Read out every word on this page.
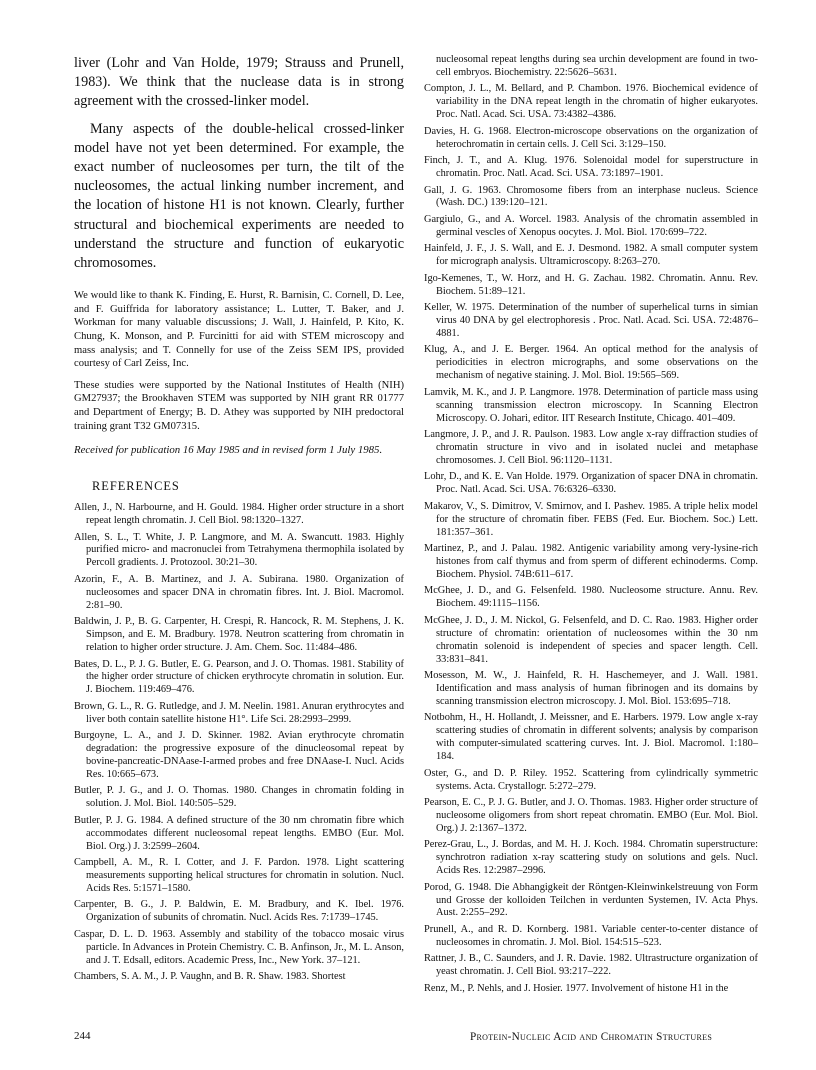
liver (Lohr and Van Holde, 1979; Strauss and Prunell, 1983). We think that the nuclease data is in strong agreement with the crossed-linker model.

Many aspects of the double-helical crossed-linker model have not yet been determined. For example, the exact number of nucleosomes per turn, the tilt of the nucleosomes, the actual linking number increment, and the location of histone H1 is not known. Clearly, further structural and biochemical experiments are needed to understand the structure and function of eukaryotic chromosomes.

We would like to thank K. Finding, E. Hurst, R. Barnisin, C. Cornell, D. Lee, and F. Guiffrida for laboratory assistance; L. Lutter, T. Baker, and J. Workman for many valuable discussions; J. Wall, J. Hainfeld, P. Kito, K. Chung, K. Monson, and P. Furcinitti for aid with STEM microscopy and mass analysis; and T. Connelly for use of the Zeiss SEM IPS, provided courtesy of Carl Zeiss, Inc.

These studies were supported by the National Institutes of Health (NIH) GM27937; the Brookhaven STEM was supported by NIH grant RR 01777 and Department of Energy; B. D. Athey was supported by NIH predoctoral training grant T32 GM07315.

Received for publication 16 May 1985 and in revised form 1 July 1985.
REFERENCES

Allen, J., N. Harbourne, and H. Gould. 1984. Higher order structure in a short repeat length chromatin. J. Cell Biol. 98:1320–1327.

Allen, S. L., T. White, J. P. Langmore, and M. A. Swancutt. 1983. Highly purified micro- and macronuclei from Tetrahymena thermophila isolated by Percoll gradients. J. Protozool. 30:21–30.

Azorin, F., A. B. Martinez, and J. A. Subirana. 1980. Organization of nucleosomes and spacer DNA in chromatin fibres. Int. J. Biol. Macromol. 2:81–90.

Baldwin, J. P., B. G. Carpenter, H. Crespi, R. Hancock, R. M. Stephens, J. K. Simpson, and E. M. Bradbury. 1978. Neutron scattering from chromatin in relation to higher order structure. J. Am. Chem. Soc. 11:484–486.

Bates, D. L., P. J. G. Butler, E. G. Pearson, and J. O. Thomas. 1981. Stability of the higher order structure of chicken erythrocyte chromatin in solution. Eur. J. Biochem. 119:469–476.

Brown, G. L., R. G. Rutledge, and J. M. Neelin. 1981. Anuran erythrocytes and liver both contain satellite histone H1°. Life Sci. 28:2993–2999.

Burgoyne, L. A., and J. D. Skinner. 1982. Avian erythrocyte chromatin degradation: the progressive exposure of the dinucleosomal repeat by bovine-pancreatic-DNAase-I-armed probes and free DNAase-I. Nucl. Acids Res. 10:665–673.

Butler, P. J. G., and J. O. Thomas. 1980. Changes in chromatin folding in solution. J. Mol. Biol. 140:505–529.

Butler, P. J. G. 1984. A defined structure of the 30 nm chromatin fibre which accommodates different nucleosomal repeat lengths. EMBO (Eur. Mol. Biol. Org.) J. 3:2599–2604.

Campbell, A. M., R. I. Cotter, and J. F. Pardon. 1978. Light scattering measurements supporting helical structures for chromatin in solution. Nucl. Acids Res. 5:1571–1580.

Carpenter, B. G., J. P. Baldwin, E. M. Bradbury, and K. Ibel. 1976. Organization of subunits of chromatin. Nucl. Acids Res. 7:1739–1745.

Caspar, D. L. D. 1963. Assembly and stability of the tobacco mosaic virus particle. In Advances in Protein Chemistry. C. B. Anfinson, Jr., M. L. Anson, and J. T. Edsall, editors. Academic Press, Inc., New York. 37–121.

Chambers, S. A. M., J. P. Vaughn, and B. R. Shaw. 1983. Shortest

nucleosomal repeat lengths during sea urchin development are found in two-cell embryos. Biochemistry. 22:5626–5631.

Compton, J. L., M. Bellard, and P. Chambon. 1976. Biochemical evidence of variability in the DNA repeat length in the chromatin of higher eukaryotes. Proc. Natl. Acad. Sci. USA. 73:4382–4386.

Davies, H. G. 1968. Electron-microscope observations on the organization of heterochromatin in certain cells. J. Cell Sci. 3:129–150.

Finch, J. T., and A. Klug. 1976. Solenoidal model for superstructure in chromatin. Proc. Natl. Acad. Sci. USA. 73:1897–1901.

Gall, J. G. 1963. Chromosome fibers from an interphase nucleus. Science (Wash. DC.) 139:120–121.

Gargiulo, G., and A. Worcel. 1983. Analysis of the chromatin assembled in germinal vescles of Xenopus oocytes. J. Mol. Biol. 170:699–722.

Hainfeld, J. F., J. S. Wall, and E. J. Desmond. 1982. A small computer system for micrograph analysis. Ultramicroscopy. 8:263–270.

Igo-Kemenes, T., W. Horz, and H. G. Zachau. 1982. Chromatin. Annu. Rev. Biochem. 51:89–121.

Keller, W. 1975. Determination of the number of superhelical turns in simian virus 40 DNA by gel electrophoresis . Proc. Natl. Acad. Sci. USA. 72:4876–4881.

Klug, A., and J. E. Berger. 1964. An optical method for the analysis of periodicities in electron micrographs, and some observations on the mechanism of negative staining. J. Mol. Biol. 19:565–569.

Lamvik, M. K., and J. P. Langmore. 1978. Determination of particle mass using scanning transmission electron microscopy. In Scanning Electron Microscopy. O. Johari, editor. IIT Research Institute, Chicago. 401–409.

Langmore, J. P., and J. R. Paulson. 1983. Low angle x-ray diffraction studies of chromatin structure in vivo and in isolated nuclei and metaphase chromosomes. J. Cell Biol. 96:1120–1131.

Lohr, D., and K. E. Van Holde. 1979. Organization of spacer DNA in chromatin. Proc. Natl. Acad. Sci. USA. 76:6326–6330.

Makarov, V., S. Dimitrov, V. Smirnov, and I. Pashev. 1985. A triple helix model for the structure of chromatin fiber. FEBS (Fed. Eur. Biochem. Soc.) Lett. 181:357–361.

Martinez, P., and J. Palau. 1982. Antigenic variability among very-lysine-rich histones from calf thymus and from sperm of different echinoderms. Comp. Biochem. Physiol. 74B:611–617.

McGhee, J. D., and G. Felsenfeld. 1980. Nucleosome structure. Annu. Rev. Biochem. 49:1115–1156.

McGhee, J. D., J. M. Nickol, G. Felsenfeld, and D. C. Rao. 1983. Higher order structure of chromatin: orientation of nucleosomes within the 30 nm chromatin solenoid is independent of species and spacer length. Cell. 33:831–841.

Mosesson, M. W., J. Hainfeld, R. H. Haschemeyer, and J. Wall. 1981. Identification and mass analysis of human fibrinogen and its domains by scanning transmission electron microscopy. J. Mol. Biol. 153:695–718.

Notbohm, H., H. Hollandt, J. Meissner, and E. Harbers. 1979. Low angle x-ray scattering studies of chromatin in different solvents; analysis by comparison with computer-simulated scattering curves. Int. J. Biol. Macromol. 1:180–184.

Oster, G., and D. P. Riley. 1952. Scattering from cylindrically symmetric systems. Acta. Crystallogr. 5:272–279.

Pearson, E. C., P. J. G. Butler, and J. O. Thomas. 1983. Higher order structure of nucleosome oligomers from short repeat chromatin. EMBO (Eur. Mol. Biol. Org.) J. 2:1367–1372.

Perez-Grau, L., J. Bordas, and M. H. J. Koch. 1984. Chromatin superstructure: synchrotron radiation x-ray scattering study on solutions and gels. Nucl. Acids Res. 12:2987–2996.

Porod, G. 1948. Die Abhangigkeit der Röntgen-Kleinwinkelstreuung von Form und Grosse der kolloiden Teilchen in verdunten Systemen, IV. Acta Phys. Aust. 2:255–292.

Prunell, A., and R. D. Kornberg. 1981. Variable center-to-center distance of nucleosomes in chromatin. J. Mol. Biol. 154:515–523.

Rattner, J. B., C. Saunders, and J. R. Davie. 1982. Ultrastructure organization of yeast chromatin. J. Cell Biol. 93:217–222.

Renz, M., P. Nehls, and J. Hosier. 1977. Involvement of histone H1 in the

244	Protein-Nucleic Acid and Chromatin Structures
